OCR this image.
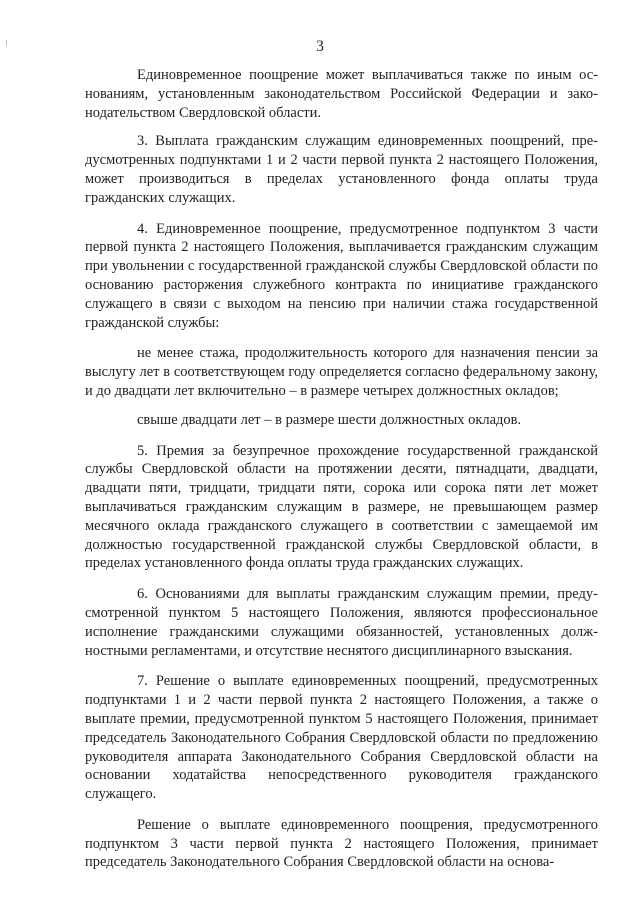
3

Единовременное поощрение может выплачиваться также по иным основаниям, установленным законодательством Российской Федерации и законодательством Свердловской области.

3. Выплата гражданским служащим единовременных поощрений, предусмотренных подпунктами 1 и 2 части первой пункта 2 настоящего Положения, может производиться в пределах установленного фонда оплаты труда гражданских служащих.

4. Единовременное поощрение, предусмотренное подпунктом 3 части первой пункта 2 настоящего Положения, выплачивается гражданским служащим при увольнении с государственной гражданской службы Свердловской области по основанию расторжения служебного контракта по инициативе гражданского служащего в связи с выходом на пенсию при наличии стажа государственной гражданской службы:

не менее стажа, продолжительность которого для назначения пенсии за выслугу лет в соответствующем году определяется согласно федеральному закону, и до двадцати лет включительно – в размере четырех должностных окладов;

свыше двадцати лет – в размере шести должностных окладов.

5. Премия за безупречное прохождение государственной гражданской службы Свердловской области на протяжении десяти, пятнадцати, двадцати, двадцати пяти, тридцати, тридцати пяти, сорока или сорока пяти лет может выплачиваться гражданским служащим в размере, не превышающем размер месячного оклада гражданского служащего в соответствии с замещаемой им должностью государственной гражданской службы Свердловской области, в пределах установленного фонда оплаты труда гражданских служащих.

6. Основаниями для выплаты гражданским служащим премии, предусмотренной пунктом 5 настоящего Положения, являются профессиональное исполнение гражданскими служащими обязанностей, установленных должностными регламентами, и отсутствие неснятого дисциплинарного взыскания.

7. Решение о выплате единовременных поощрений, предусмотренных подпунктами 1 и 2 части первой пункта 2 настоящего Положения, а также о выплате премии, предусмотренной пунктом 5 настоящего Положения, принимает председатель Законодательного Собрания Свердловской области по предложению руководителя аппарата Законодательного Собрания Свердловской области на основании ходатайства непосредственного руководителя гражданского служащего.

Решение о выплате единовременного поощрения, предусмотренного подпунктом 3 части первой пункта 2 настоящего Положения, принимает председатель Законодательного Собрания Свердловской области на основа-
